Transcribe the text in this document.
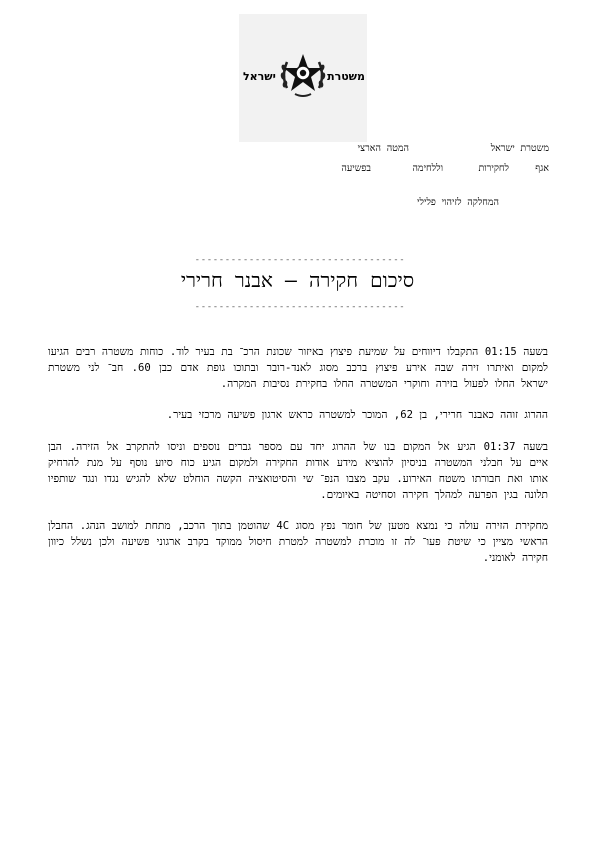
משטרת
ישראל
משטרת ישראל
המטה הארצי
אגף
לחקירות
וללחימה
בפשיעה
המחלקה לזיהוי פלילי
-----------------------------------
סיכום חקירה – אבנר חרירי
-----------------------------------

בשעה 01:15 התקבלו דיווחים על שמיעת פיצוץ באיזור שכונת הרכ־ בת בעיר לוד. כוחות משטרה רבים הגיעו למקום ואיתרו זירה שבה אירע פיצוץ ברכב מסוג לאנד-רובר ובתוכו גופת אדם כבן 60. חב־ לני משטרת ישראל החלו לפעול בזירה וחוקרי המשטרה החלו בחקירת נסיבות המקרה.

ההרוג זוהה כאבנר חרירי, בן 62, המוכר למשטרה כראש ארגון פשיעה מרכזי בעיר.

בשעה 01:37 הגיע אל המקום בנו של ההרוג יחד עם מספר גברים נוספים וניסו להתקרב אל הזירה. הבן איים על חבלני המשטרה בניסיון להוציא מידע אודות החקירה ולמקום הגיע כוח סיוע נוסף על מנת להרחיק אותו ואת חבורתו משטח האירוע. עקב מצבו הנפ־ שי והסיטואציה הקשה הוחלט שלא להגיש נגדו ונגד שותפיו תלונה בגין הפרעה למהלך חקירה וסחיטה באיומים.

מחקירת הזירה עולה כי נמצא מטען של חומר נפץ מסוג 4C שהוטמן בתוך הרכב, מתחת למושב הנהג. החבלן הראשי מציין כי שיטת פעו־ לה זו מוכרת למשטרה למטרת חיסול ממוקד בקרב ארגוני פשיעה ולכן נשלל כיוון חקירה לאומני.
